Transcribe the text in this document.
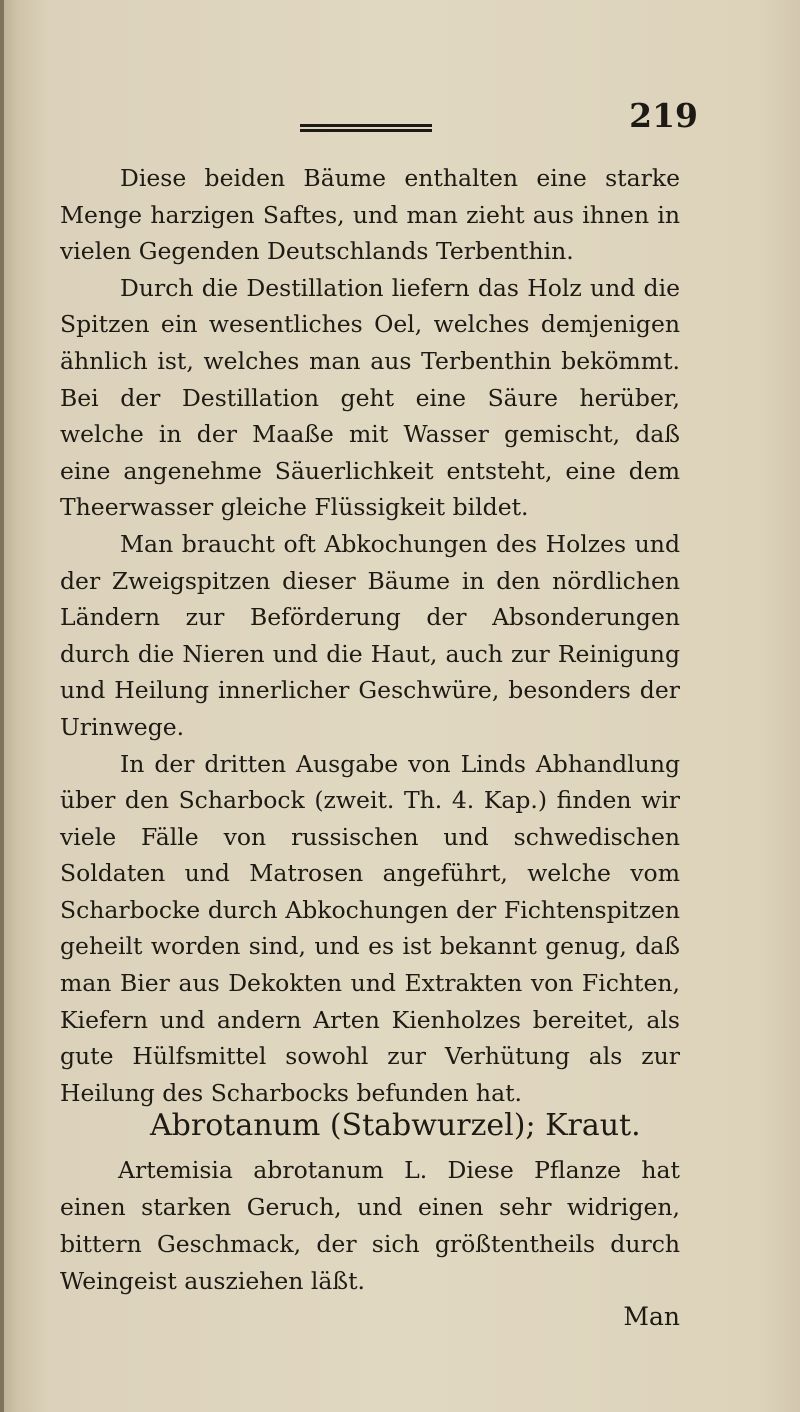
219

Diese beiden Bäume enthalten eine starke Menge harzigen Saftes, und man zieht aus ihnen in vielen Gegenden Deutschlands Terbenthin.

Durch die Destillation liefern das Holz und die Spitzen ein wesentliches Oel, welches demjenigen ähnlich ist, welches man aus Terbenthin bekömmt. Bei der Destillation geht eine Säure herüber, welche in der Maaße mit Wasser gemischt, daß eine angenehme Säuerlichkeit entsteht, eine dem Theerwasser gleiche Flüssigkeit bildet.

Man braucht oft Abkochungen des Holzes und der Zweigspitzen dieser Bäume in den nördlichen Ländern zur Beförderung der Absonderungen durch die Nieren und die Haut, auch zur Reinigung und Heilung innerlicher Geschwüre, besonders der Urinwege.

In der dritten Ausgabe von Linds Abhandlung über den Scharbock (zweit. Th. 4. Kap.) finden wir viele Fälle von russischen und schwedischen Soldaten und Matrosen angeführt, welche vom Scharbocke durch Abkochungen der Fichtenspitzen geheilt worden sind, und es ist bekannt genug, daß man Bier aus Dekokten und Extrakten von Fichten, Kiefern und andern Arten Kienholzes bereitet, als gute Hülfsmittel sowohl zur Verhütung als zur Heilung des Scharbocks befunden hat.

Abrotanum (Stabwurzel); Kraut.

Artemisia abrotanum L. Diese Pflanze hat einen starken Geruch, und einen sehr widrigen, bittern Geschmack, der sich größtentheils durch Weingeist ausziehen läßt.

Man
